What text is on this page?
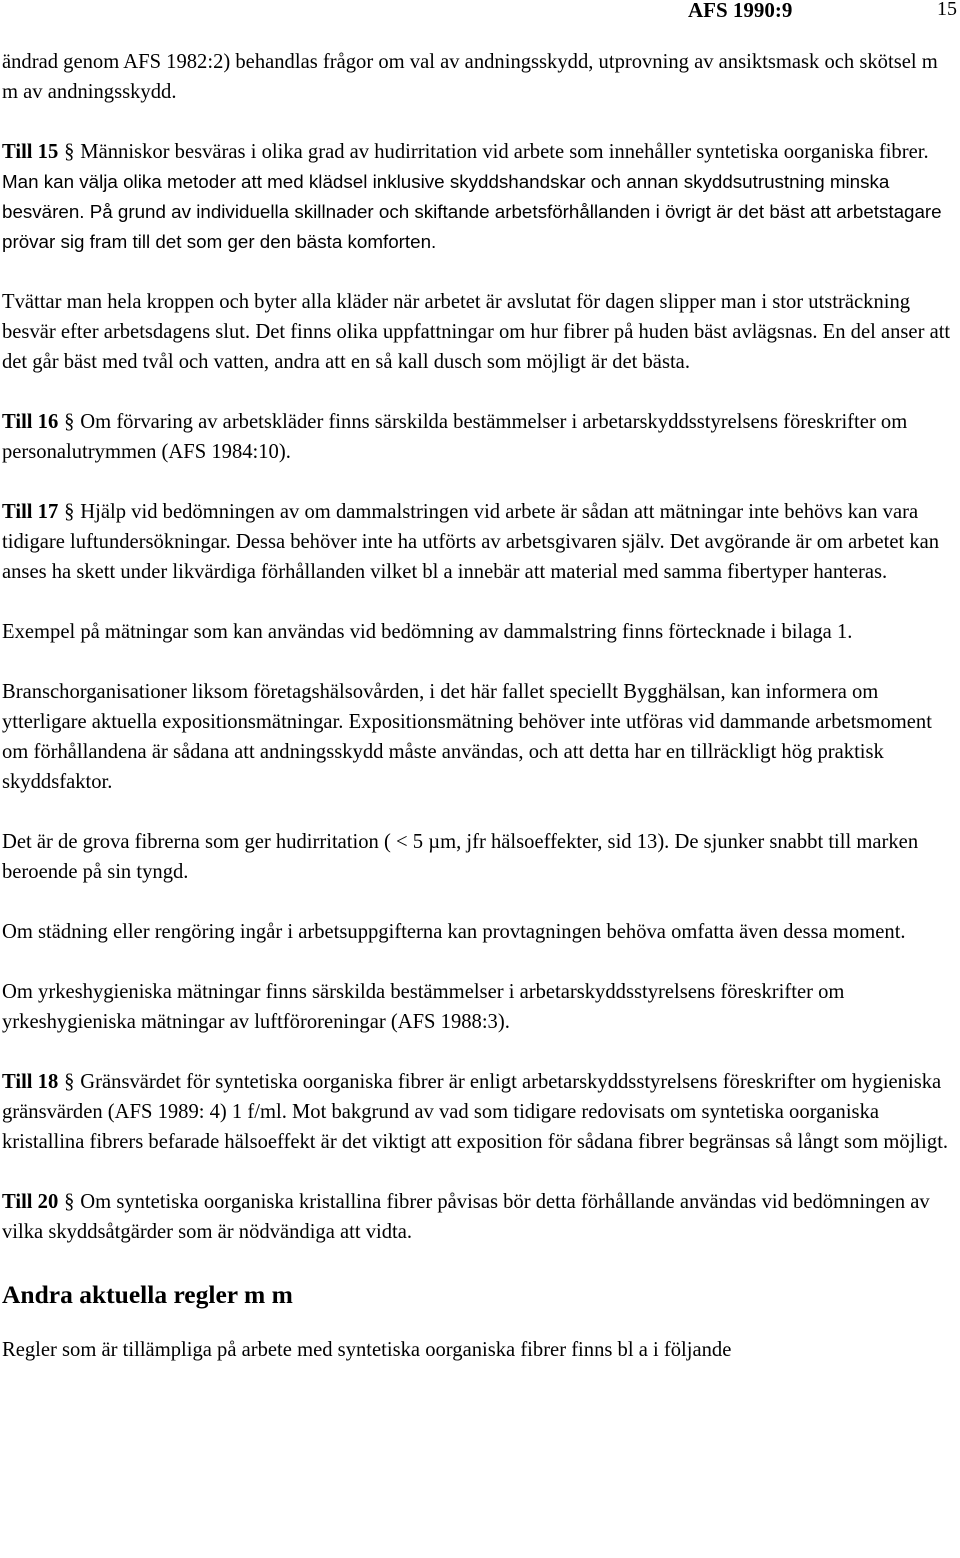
AFS 1990:9	15

ändrad genom AFS 1982:2) behandlas frågor om val av andningsskydd, utprovning av ansiktsmask och skötsel m m av andningsskydd.

Till 15 § Människor besväras i olika grad av hudirritation vid arbete som innehåller syntetiska oorganiska fibrer. Man kan välja olika metoder att med klädsel inklusive skyddshandskar och annan skyddsutrustning minska besvären. På grund av individuella skillnader och skiftande arbetsförhållanden i övrigt är det bäst att arbetstagare prövar sig fram till det som ger den bästa komforten.

Tvättar man hela kroppen och byter alla kläder när arbetet är avslutat för dagen slipper man i stor utsträckning besvär efter arbetsdagens slut. Det finns olika uppfattningar om hur fibrer på huden bäst avlägsnas. En del anser att det går bäst med tvål och vatten, andra att en så kall dusch som möjligt är det bästa.

Till 16 § Om förvaring av arbetskläder finns särskilda bestämmelser i arbetarskyddsstyrelsens föreskrifter om personalutrymmen (AFS 1984:10).

Till 17 § Hjälp vid bedömningen av om dammalstringen vid arbete är sådan att mätningar inte behövs kan vara tidigare luftundersökningar. Dessa behöver inte ha utförts av arbetsgivaren själv. Det avgörande är om arbetet kan anses ha skett under likvärdiga förhållanden vilket bl a innebär att material med samma fibertyper hanteras.

Exempel på mätningar som kan användas vid bedömning av dammalstring finns förtecknade i bilaga 1.

Branschorganisationer liksom företagshälsovården, i det här fallet speciellt Bygghälsan, kan informera om ytterligare aktuella expositionsmätningar. Expositionsmätning behöver inte utföras vid dammande arbetsmoment om förhållandena är sådana att andningsskydd måste användas, och att detta har en tillräckligt hög praktisk skyddsfaktor.

Det är de grova fibrerna som ger hudirritation ( < 5 µm, jfr hälsoeffekter, sid 13). De sjunker snabbt till marken beroende på sin tyngd.

Om städning eller rengöring ingår i arbetsuppgifterna kan provtagningen behöva omfatta även dessa moment.

Om yrkeshygieniska mätningar finns särskilda bestämmelser i arbetarskyddsstyrelsens föreskrifter om yrkeshygieniska mätningar av luftföroreningar (AFS 1988:3).

Till 18 § Gränsvärdet för syntetiska oorganiska fibrer är enligt arbetarskyddsstyrelsens föreskrifter om hygieniska gränsvärden (AFS 1989: 4) 1 f/ml. Mot bakgrund av vad som tidigare redovisats om syntetiska oorganiska kristallina fibrers befarade hälsoeffekt är det viktigt att exposition för sådana fibrer begränsas så långt som möjligt.

Till 20 § Om syntetiska oorganiska kristallina fibrer påvisas bör detta förhållande användas vid bedömningen av vilka skyddsåtgärder som är nödvändiga att vidta.

Andra aktuella regler m m

Regler som är tillämpliga på arbete med syntetiska oorganiska fibrer finns bl a i följande
